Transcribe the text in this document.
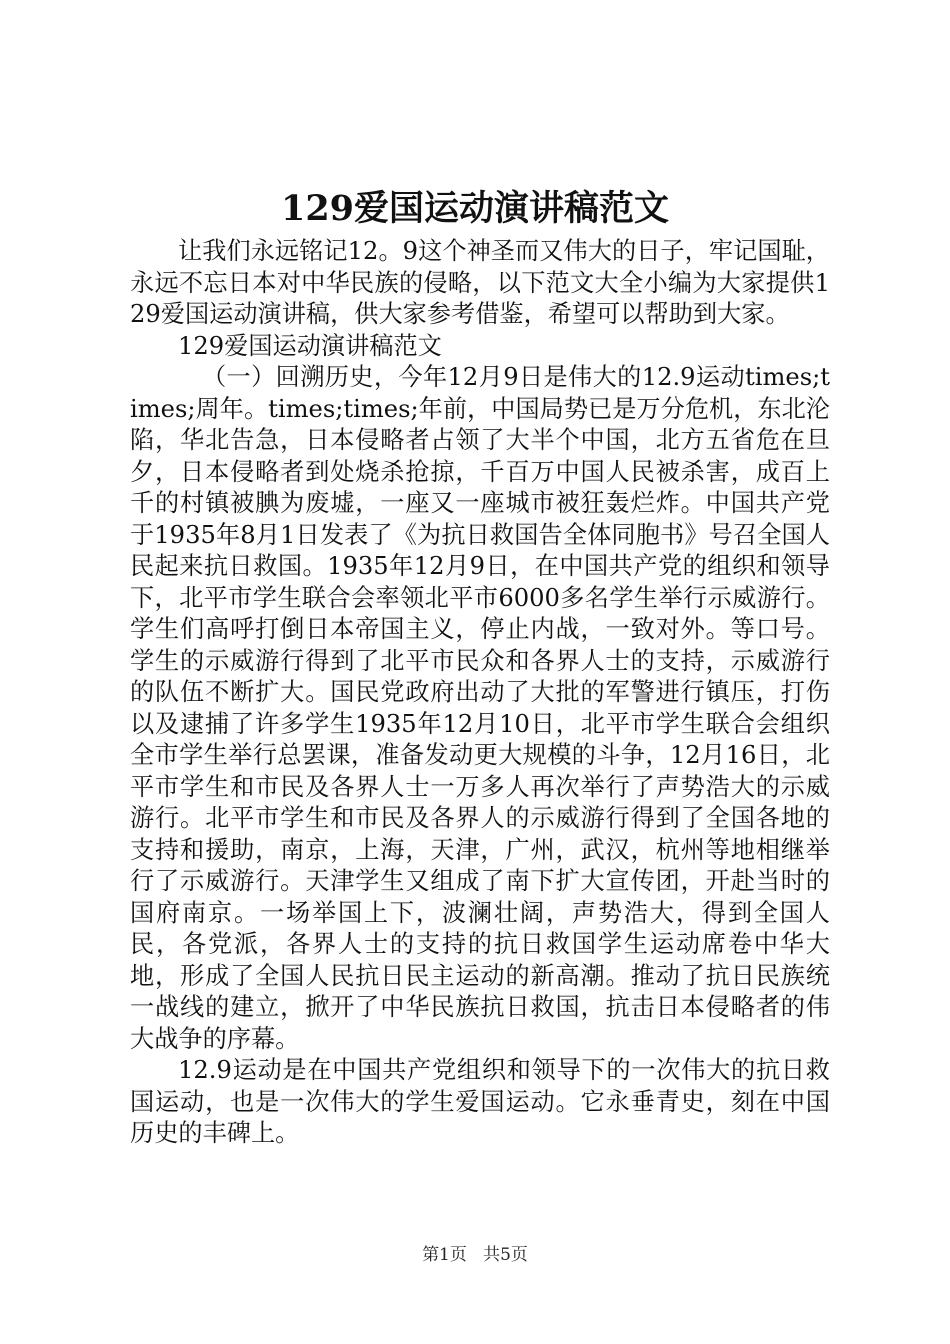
129爱国运动演讲稿范文

让我们永远铭记12。9这个神圣而又伟大的日子，牢记国耻，永远不忘日本对中华民族的侵略，以下范文大全小编为大家提供129爱国运动演讲稿，供大家参考借鉴，希望可以帮助到大家。

129爱国运动演讲稿范文

（一）回溯历史，今年12月9日是伟大的12.9运动times;times;周年。times;times;年前，中国局势已是万分危机，东北沦陷，华北告急，日本侵略者占领了大半个中国，北方五省危在旦夕，日本侵略者到处烧杀抢掠，千百万中国人民被杀害，成百上千的村镇被腆为废墟，一座又一座城市被狂轰烂炸。中国共产党于1935年8月1日发表了《为抗日救国告全体同胞书》号召全国人民起来抗日救国。1935年12月9日，在中国共产党的组织和领导下，北平市学生联合会率领北平市6000多名学生举行示威游行。学生们高呼打倒日本帝国主义，停止内战，一致对外。等口号。学生的示威游行得到了北平市民众和各界人士的支持，示威游行的队伍不断扩大。国民党政府出动了大批的军警进行镇压，打伤以及逮捕了许多学生1935年12月10日，北平市学生联合会组织全市学生举行总罢课，准备发动更大规模的斗争，12月16日，北平市学生和市民及各界人士一万多人再次举行了声势浩大的示威游行。北平市学生和市民及各界人的示威游行得到了全国各地的支持和援助，南京，上海，天津，广州，武汉，杭州等地相继举行了示威游行。天津学生又组成了南下扩大宣传团，开赴当时的国府南京。一场举国上下，波澜壮阔，声势浩大，得到全国人民，各党派，各界人士的支持的抗日救国学生运动席卷中华大地，形成了全国人民抗日民主运动的新高潮。推动了抗日民族统一战线的建立，掀开了中华民族抗日救国，抗击日本侵略者的伟大战争的序幕。

12.9运动是在中国共产党组织和领导下的一次伟大的抗日救国运动，也是一次伟大的学生爱国运动。它永垂青史，刻在中国历史的丰碑上。

第1页 共5页
